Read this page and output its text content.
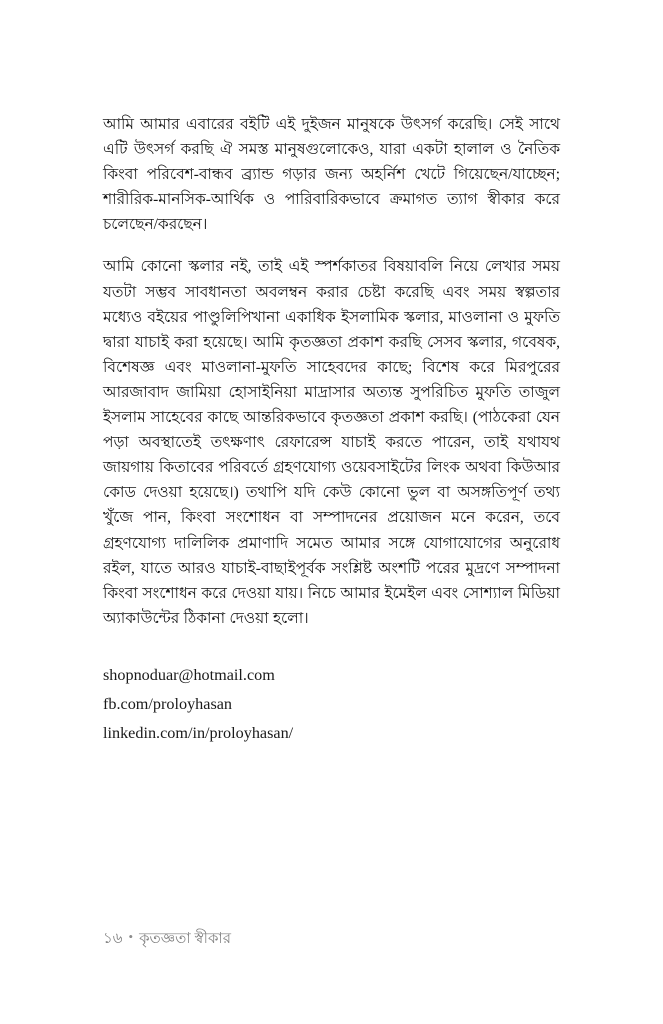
আমি আমার এবারের বইটি এই দুইজন মানুষকে উৎসর্গ করেছি। সেই সাথে এটি উৎসর্গ করছি ঐ সমস্ত মানুষগুলোকেও, যারা একটা হালাল ও নৈতিক কিংবা পরিবেশ-বান্ধব ব্র্যান্ড গড়ার জন্য অহর্নিশ খেটে গিয়েছেন/যাচ্ছেন; শারীরিক-মানসিক-আর্থিক ও পারিবারিকভাবে ক্রমাগত ত্যাগ স্বীকার করে চলেছেন/করছেন।

আমি কোনো স্কলার নই, তাই এই স্পর্শকাতর বিষয়াবলি নিয়ে লেখার সময় যতটা সম্ভব সাবধানতা অবলম্বন করার চেষ্টা করেছি এবং সময় স্বল্পতার মধ্যেও বইয়ের পাণ্ডুলিপিখানা একাধিক ইসলামিক স্কলার, মাওলানা ও মুফতি দ্বারা যাচাই করা হয়েছে। আমি কৃতজ্ঞতা প্রকাশ করছি সেসব স্কলার, গবেষক, বিশেষজ্ঞ এবং মাওলানা-মুফতি সাহেবদের কাছে; বিশেষ করে মিরপুরের আরজাবাদ জামিয়া হোসাইনিয়া মাদ্রাসার অত্যন্ত সুপরিচিত মুফতি তাজুল ইসলাম সাহেবের কাছে আন্তরিকভাবে কৃতজ্ঞতা প্রকাশ করছি। (পাঠকেরা যেন পড়া অবস্থাতেই তৎক্ষণাৎ রেফারেন্স যাচাই করতে পারেন, তাই যথাযথ জায়গায় কিতাবের পরিবর্তে গ্রহণযোগ্য ওয়েবসাইটের লিংক অথবা কিউআর কোড দেওয়া হয়েছে।) তথাপি যদি কেউ কোনো ভুল বা অসঙ্গতিপূর্ণ তথ্য খুঁজে পান, কিংবা সংশোধন বা সম্পাদনের প্রয়োজন মনে করেন, তবে গ্রহণযোগ্য দালিলিক প্রমাণাদি সমেত আমার সঙ্গে যোগাযোগের অনুরোধ রইল, যাতে আরও যাচাই-বাছাইপূর্বক সংশ্লিষ্ট অংশটি পরের মুদ্রণে সম্পাদনা কিংবা সংশোধন করে দেওয়া যায়। নিচে আমার ইমেইল এবং সোশ্যাল মিডিয়া অ্যাকাউন্টের ঠিকানা দেওয়া হলো।

shopnoduar@hotmail.com
fb.com/proloyhasan
linkedin.com/in/proloyhasan/
১৬ • কৃতজ্ঞতা স্বীকার
